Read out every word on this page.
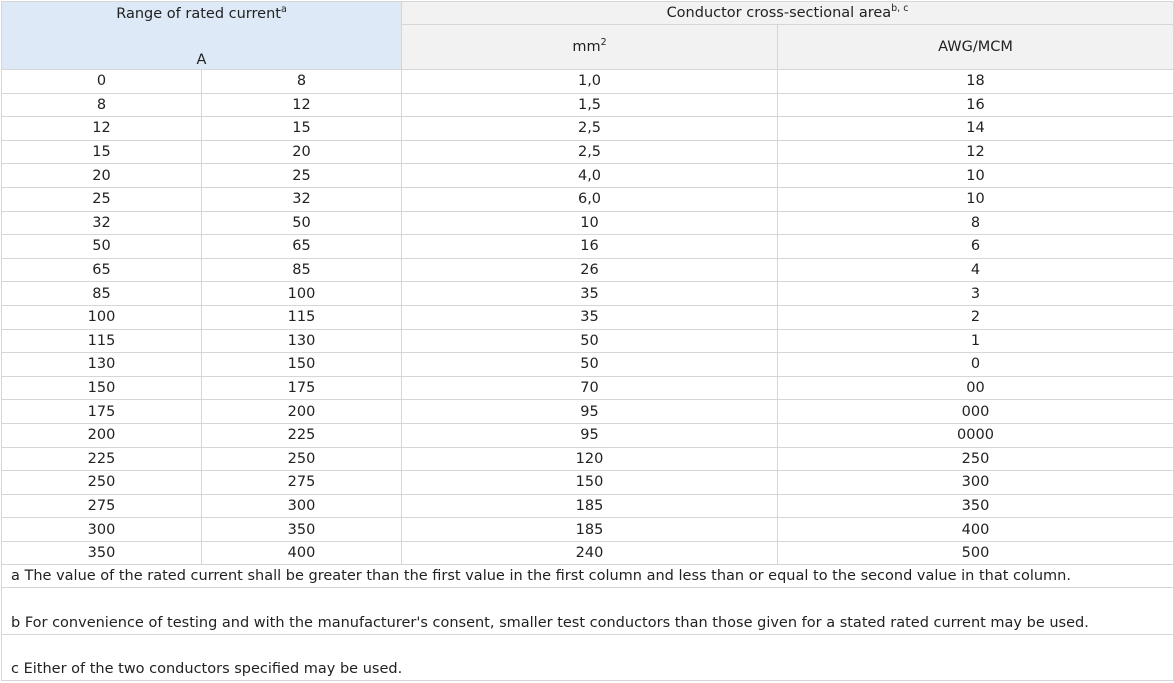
Range of rated current$^a$
A		Conductor cross-sectional area$^{b, c}$
		$mm^2$	AWG/MCM
0	8	1,0	18
8	12	1,5	16
12	15	2,5	14
15	20	2,5	12
20	25	4,0	10
25	32	6,0	10
32	50	10	8
50	65	16	6
65	85	26	4
85	100	35	3
100	115	35	2
115	130	50	1
130	150	50	0
150	175	70	00
175	200	95	000
200	225	95	0000
225	250	120	250
250	275	150	300
275	300	185	350
300	350	185	400
350	400	240	500
a The value of the rated current shall be greater than the first value in the first column and less than or equal to the second value in that column.			
b For convenience of testing and with the manufacturer's consent, smaller test conductors than those given for a stated rated current may be used.			
c Either of the two conductors specified may be used.			
